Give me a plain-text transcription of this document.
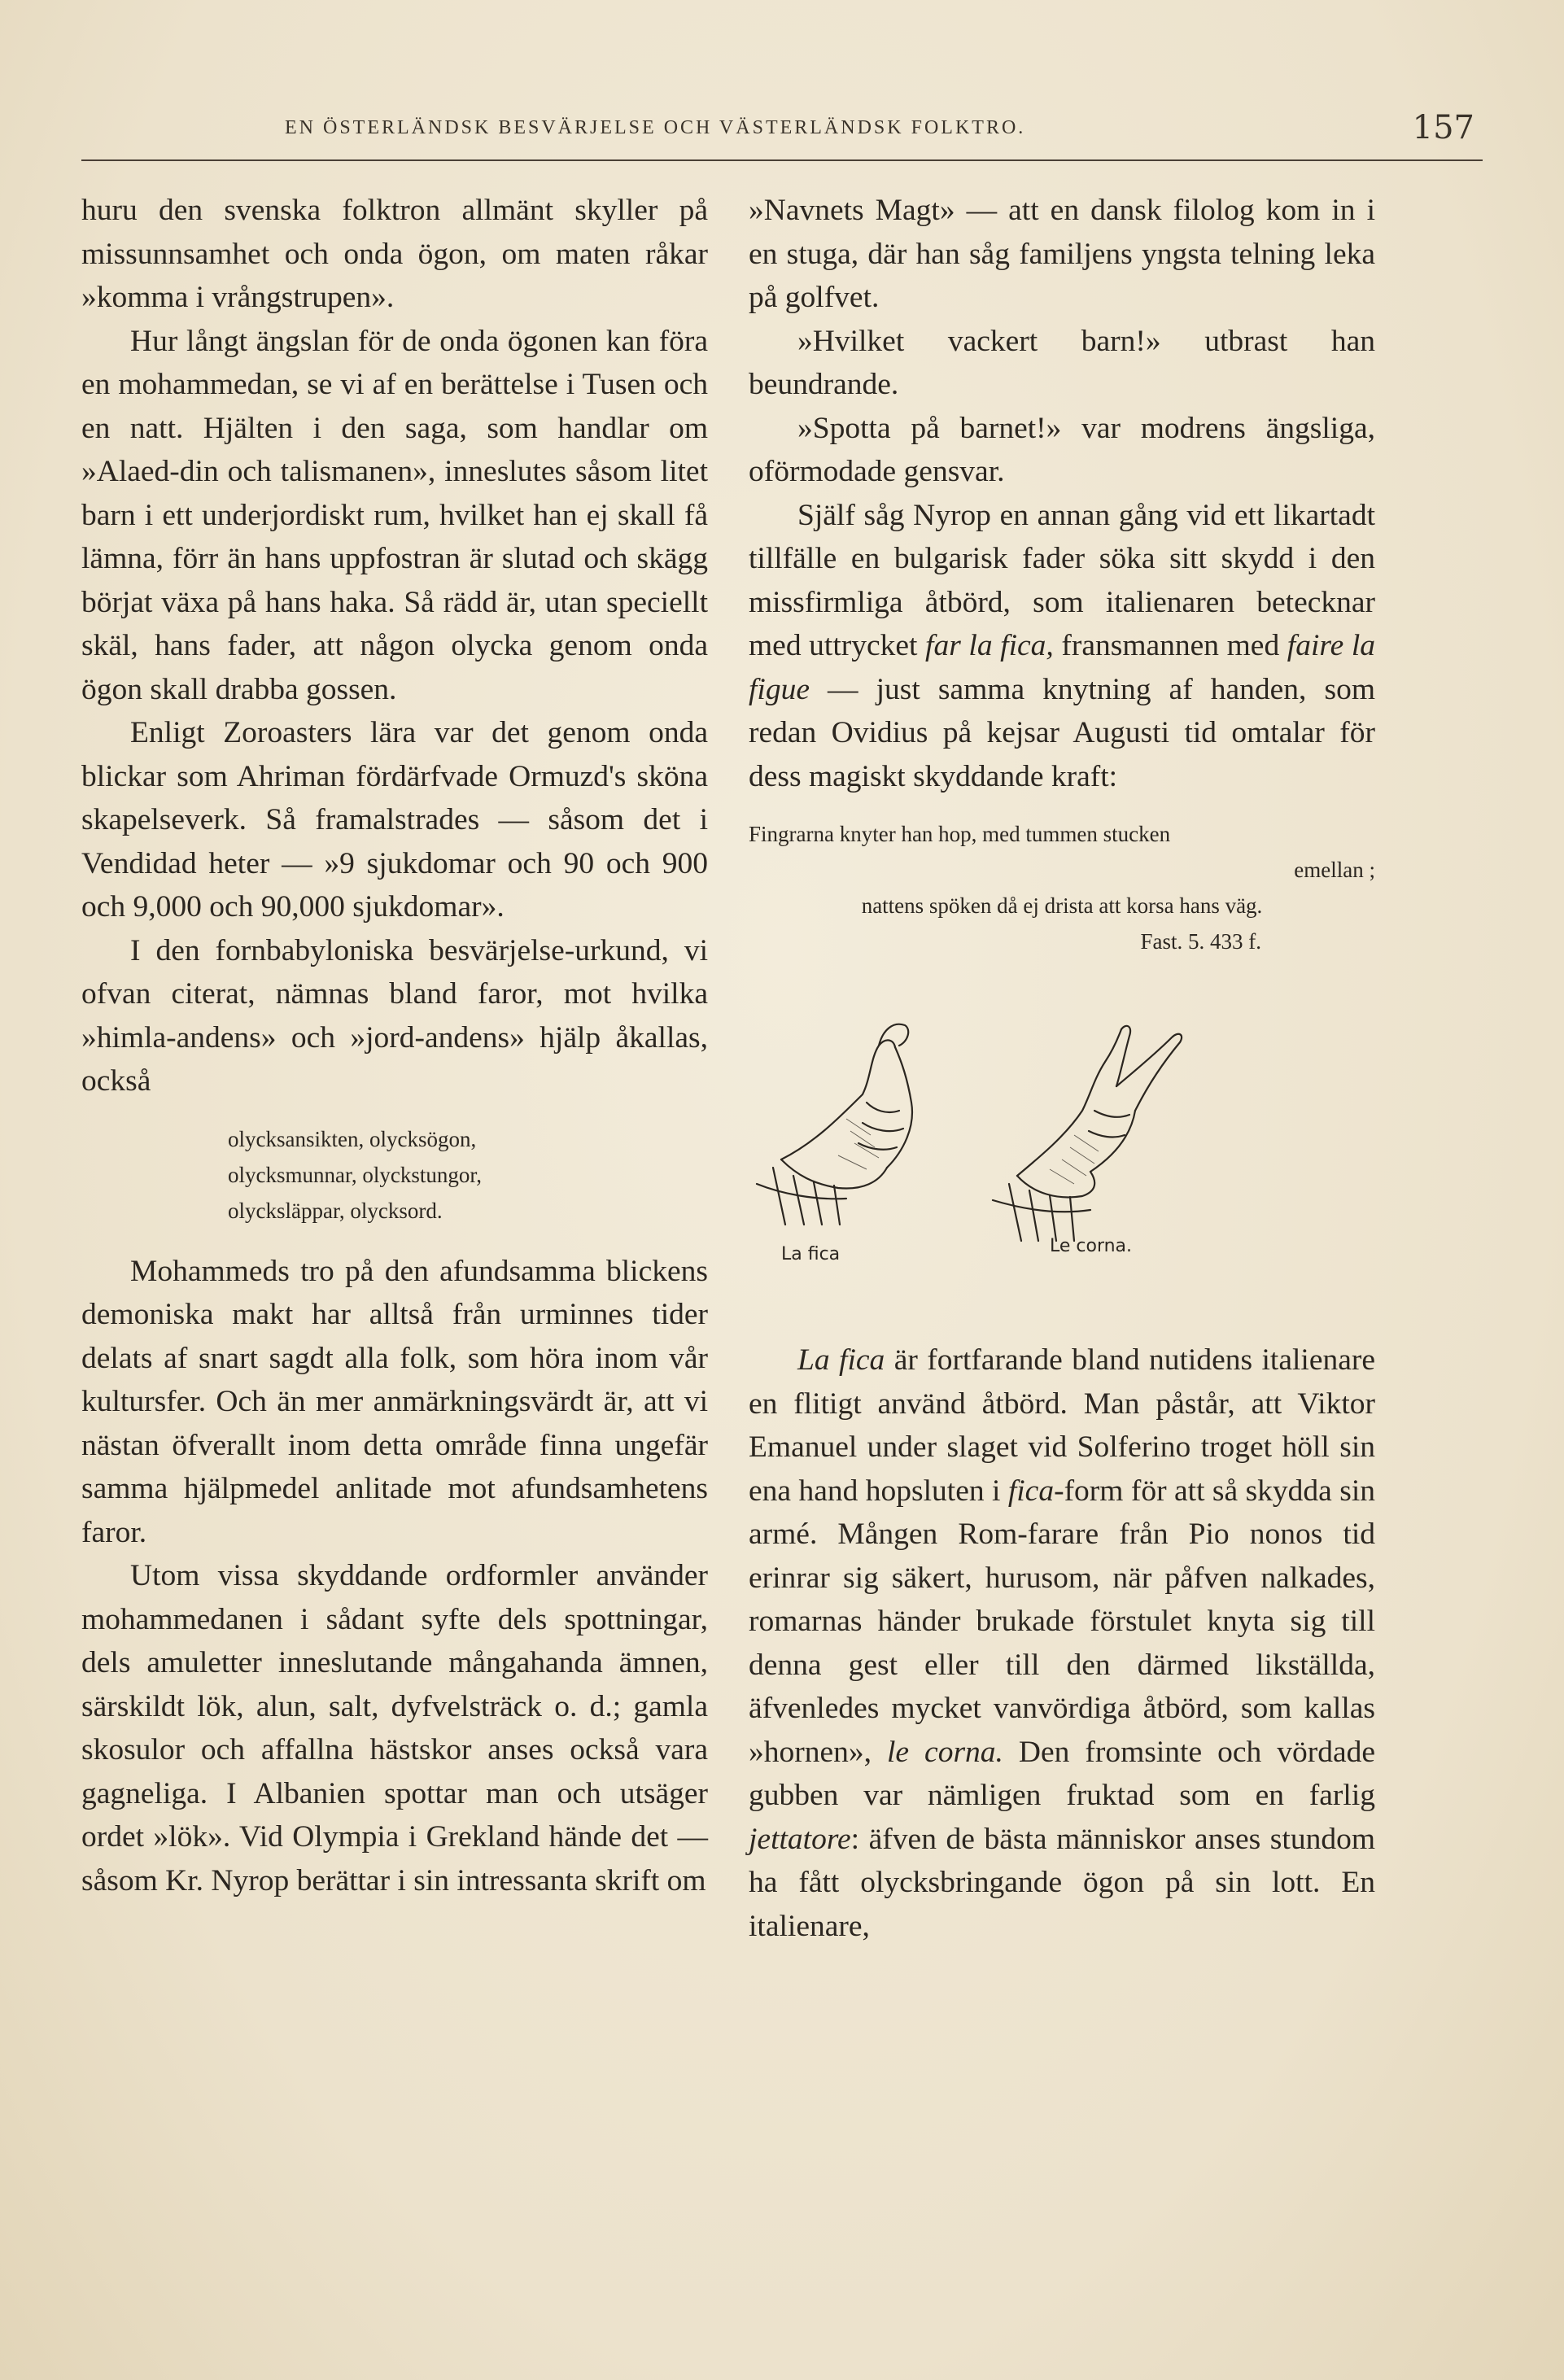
EN ÖSTERLÄNDSK BESVÄRJELSE OCH VÄSTERLÄNDSK FOLKTRO.	157

huru den svenska folktron allmänt skyller på missunnsamhet och onda ögon, om maten råkar »komma i vrångstrupen».

Hur långt ängslan för de onda ögonen kan föra en mohammedan, se vi af en berättelse i Tusen och en natt. Hjälten i den saga, som handlar om »Alaed-din och talismanen», inneslutes såsom litet barn i ett underjordiskt rum, hvilket han ej skall få lämna, förr än hans uppfostran är slutad och skägg börjat växa på hans haka. Så rädd är, utan speciellt skäl, hans fader, att någon olycka genom onda ögon skall drabba gossen.

Enligt Zoroasters lära var det genom onda blickar som Ahriman fördärfvade Ormuzd's sköna skapelseverk. Så framalstrades — såsom det i Vendidad heter — »9 sjukdomar och 90 och 900 och 9,000 och 90,000 sjukdomar».

I den fornbabyloniska besvärjelse-urkund, vi ofvan citerat, nämnas bland faror, mot hvilka »himla-andens» och »jord-andens» hjälp åkallas, också

olycksansikten, olycksögon,
olycksmunnar, olyckstungor,
olycksläppar, olycksord.

Mohammeds tro på den afundsamma blickens demoniska makt har alltså från urminnes tider delats af snart sagdt alla folk, som höra inom vår kultursfer. Och än mer anmärkningsvärdt är, att vi nästan öfverallt inom detta område finna ungefär samma hjälpmedel anlitade mot afundsamhetens faror.

Utom vissa skyddande ordformler använder mohammedanen i sådant syfte dels spottningar, dels amuletter inneslutande mångahanda ämnen, särskildt lök, alun, salt, dyfvelsträck o. d.; gamla skosulor och affallna hästskor anses också vara gagneliga. I Albanien spottar man och utsäger ordet »lök». Vid Olympia i Grekland hände det — såsom Kr. Nyrop berättar i sin intressanta skrift om

»Navnets Magt» — att en dansk filolog kom in i en stuga, där han såg familjens yngsta telning leka på golfvet.

»Hvilket vackert barn!» utbrast han beundrande.

»Spotta på barnet!» var modrens ängsliga, oförmodade gensvar.

Själf såg Nyrop en annan gång vid ett likartadt tillfälle en bulgarisk fader söka sitt skydd i den missfirmliga åtbörd, som italienaren betecknar med uttrycket far la fica, fransmannen med faire la figue — just samma knytning af handen, som redan Ovidius på kejsar Augusti tid omtalar för dess magiskt skyddande kraft:

Fingrarna knyter han hop, med tummen stucken
emellan ;
nattens spöken då ej drista att korsa hans väg.
Fast. 5. 433 f.
La fica	Le corna.

La fica är fortfarande bland nutidens italienare en flitigt använd åtbörd. Man påstår, att Viktor Emanuel under slaget vid Solferino troget höll sin ena hand hopsluten i fica-form för att så skydda sin armé. Mången Rom-farare från Pio nonos tid erinrar sig säkert, hurusom, när påfven nalkades, romarnas händer brukade förstulet knyta sig till denna gest eller till den därmed likställda, äfvenledes mycket vanvördiga åtbörd, som kallas »hornen», le corna. Den fromsinte och vördade gubben var nämligen fruktad som en farlig jettatore: äfven de bästa människor anses stundom ha fått olycksbringande ögon på sin lott. En italienare,
